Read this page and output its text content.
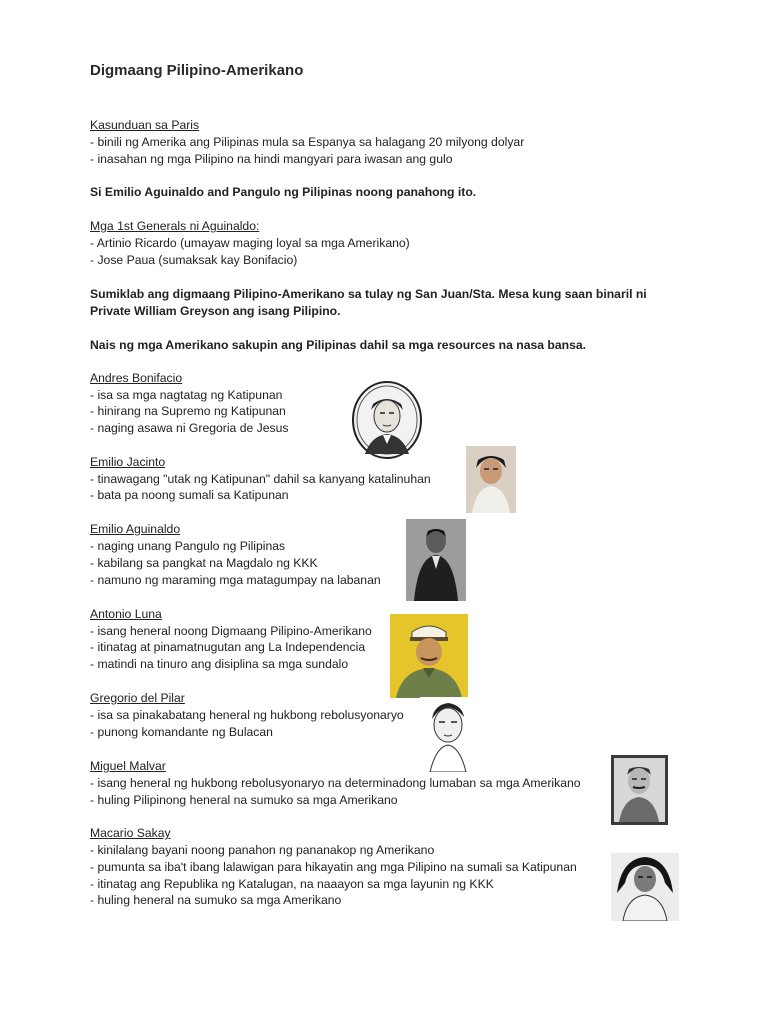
Digmaang Pilipino-Amerikano
Kasunduan sa Paris
- binili ng Amerika ang Pilipinas mula sa Espanya sa halagang 20 milyong dolyar
- inasahan ng mga Pilipino na hindi mangyari para iwasan ang gulo
Si Emilio Aguinaldo and Pangulo ng Pilipinas noong panahong ito.
Mga 1st Generals ni Aguinaldo:
- Artinio Ricardo (umayaw maging loyal sa mga Amerikano)
- Jose Paua (sumaksak kay Bonifacio)
Sumiklab ang digmaang Pilipino-Amerikano sa tulay ng San Juan/Sta. Mesa kung saan binaril ni
Private William Greyson ang isang Pilipino.
Nais ng mga Amerikano sakupin ang Pilipinas dahil sa mga resources na nasa bansa.
Andres Bonifacio
- isa sa mga nagtatag ng Katipunan
- hinirang na Supremo ng Katipunan
- naging asawa ni Gregoria de Jesus
Emilio Jacinto
- tinawagang "utak ng Katipunan" dahil sa kanyang katalinuhan
- bata pa noong sumali sa Katipunan
Emilio Aguinaldo
- naging unang Pangulo ng Pilipinas
- kabilang sa pangkat na Magdalo ng KKK
- namuno ng maraming mga matagumpay na labanan
Antonio Luna
- isang heneral noong Digmaang Pilipino-Amerikano
- itinatag at pinamatnugutan ang La Independencia
- matindi na tinuro ang disiplina sa mga sundalo
Gregorio del Pilar
- isa sa pinakabatang heneral ng hukbong rebolusyonaryo
- punong komandante ng Bulacan
Miguel Malvar
- isang heneral ng hukbong rebolusyonaryo na determinadong lumaban sa mga Amerikano
- huling Pilipinong heneral na sumuko sa mga Amerikano
Macario Sakay
- kinilalang bayani noong panahon ng pananakop ng Amerikano
- pumunta sa iba't ibang lalawigan para hikayatin ang mga Pilipino na sumali sa Katipunan
- itinatag ang Republika ng Katalugan, na naaayon sa mga layunin ng KKK
- huling heneral na sumuko sa mga Amerikano
